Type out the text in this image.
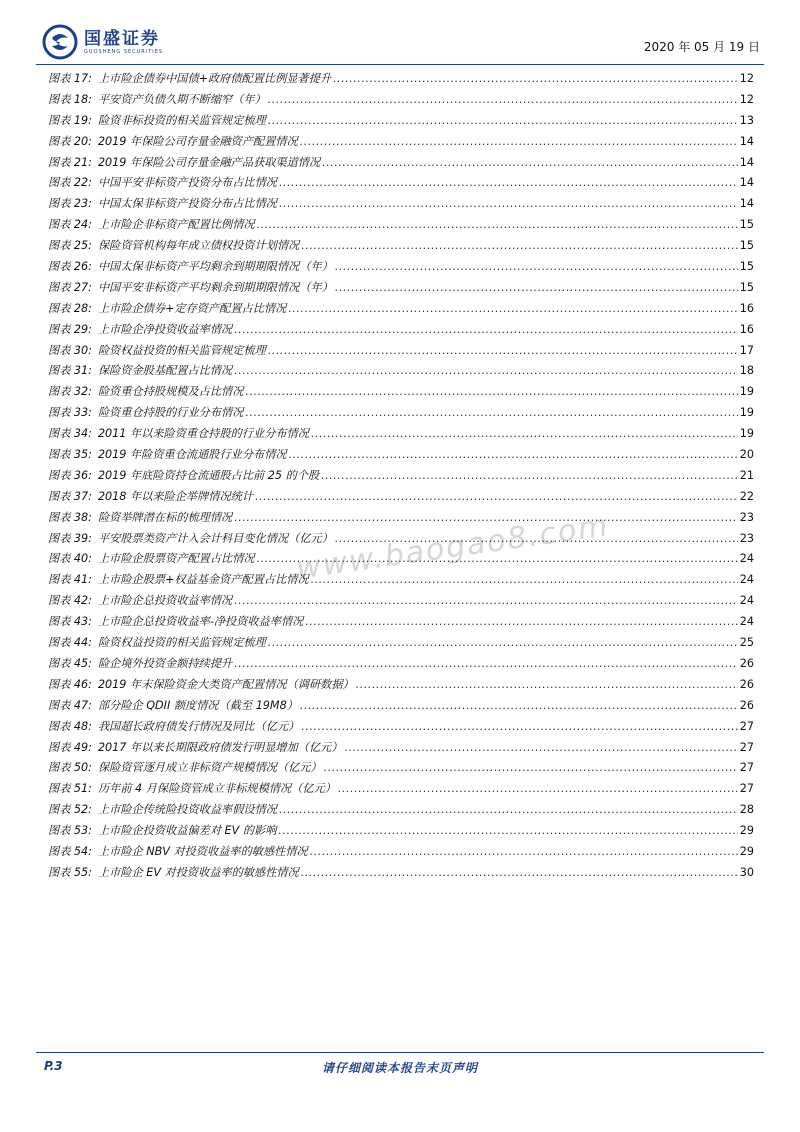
国盛证券
GUOSHENG SECURITIES	2020 年 05 月 19 日
www.baogao8.com
图表 17: 上市险企债券中国债+政府债配置比例显著提升 .....	12
图表 18: 平安资产负债久期不断缩窄（年） .....	12
图表 19: 险资非标投资的相关监管规定梳理 .....	13
图表 20: 2019 年保险公司存量金融资产配置情况 .....	14
图表 21: 2019 年保险公司存量金融产品获取渠道情况 .....	14
图表 22: 中国平安非标资产投资分布占比情况 .....	14
图表 23: 中国太保非标资产投资分布占比情况 .....	14
图表 24: 上市险企非标资产配置比例情况 .....	15
图表 25: 保险资管机构每年成立债权投资计划情况 .....	15
图表 26: 中国太保非标资产平均剩余到期期限情况（年） .....	15
图表 27: 中国平安非标资产平均剩余到期期限情况（年） .....	15
图表 28: 上市险企债券+定存资产配置占比情况 .....	16
图表 29: 上市险企净投资收益率情况 .....	16
图表 30: 险资权益投资的相关监管规定梳理 .....	17
图表 31: 保险资金股基配置占比情况 .....	18
图表 32: 险资重仓持股规模及占比情况 .....	19
图表 33: 险资重仓持股的行业分布情况 .....	19
图表 34: 2011 年以来险资重仓持股的行业分布情况 .....	19
图表 35: 2019 年险资重仓流通股行业分布情况 .....	20
图表 36: 2019 年底险资持仓流通股占比前 25 的个股 .....	21
图表 37: 2018 年以来险企举牌情况统计 .....	22
图表 38: 险资举牌潜在标的梳理情况 .....	23
图表 39: 平安股票类资产计入会计科目变化情况（亿元） .....	23
图表 40: 上市险企股票资产配置占比情况 .....	24
图表 41: 上市险企股票+权益基金资产配置占比情况 .....	24
图表 42: 上市险企总投资收益率情况 .....	24
图表 43: 上市险企总投资收益率-净投资收益率情况 .....	24
图表 44: 险资权益投资的相关监管规定梳理 .....	25
图表 45: 险企境外投资金额持续提升 .....	26
图表 46: 2019 年末保险资金大类资产配置情况（调研数据） .....	26
图表 47: 部分险企 QDII 额度情况（截至 19M8） .....	26
图表 48: 我国超长政府债发行情况及同比（亿元） .....	27
图表 49: 2017 年以来长期限政府债发行明显增加（亿元） .....	27
图表 50: 保险资管逐月成立非标资产规模情况（亿元） .....	27
图表 51: 历年前 4 月保险资管成立非标规模情况（亿元） .....	27
图表 52: 上市险企传统险投资收益率假设情况 .....	28
图表 53: 上市险企投资收益偏差对 EV 的影响 .....	29
图表 54: 上市险企 NBV 对投资收益率的敏感性情况 .....	29
图表 55: 上市险企 EV 对投资收益率的敏感性情况 .....	30
P.3	请仔细阅读本报告末页声明
